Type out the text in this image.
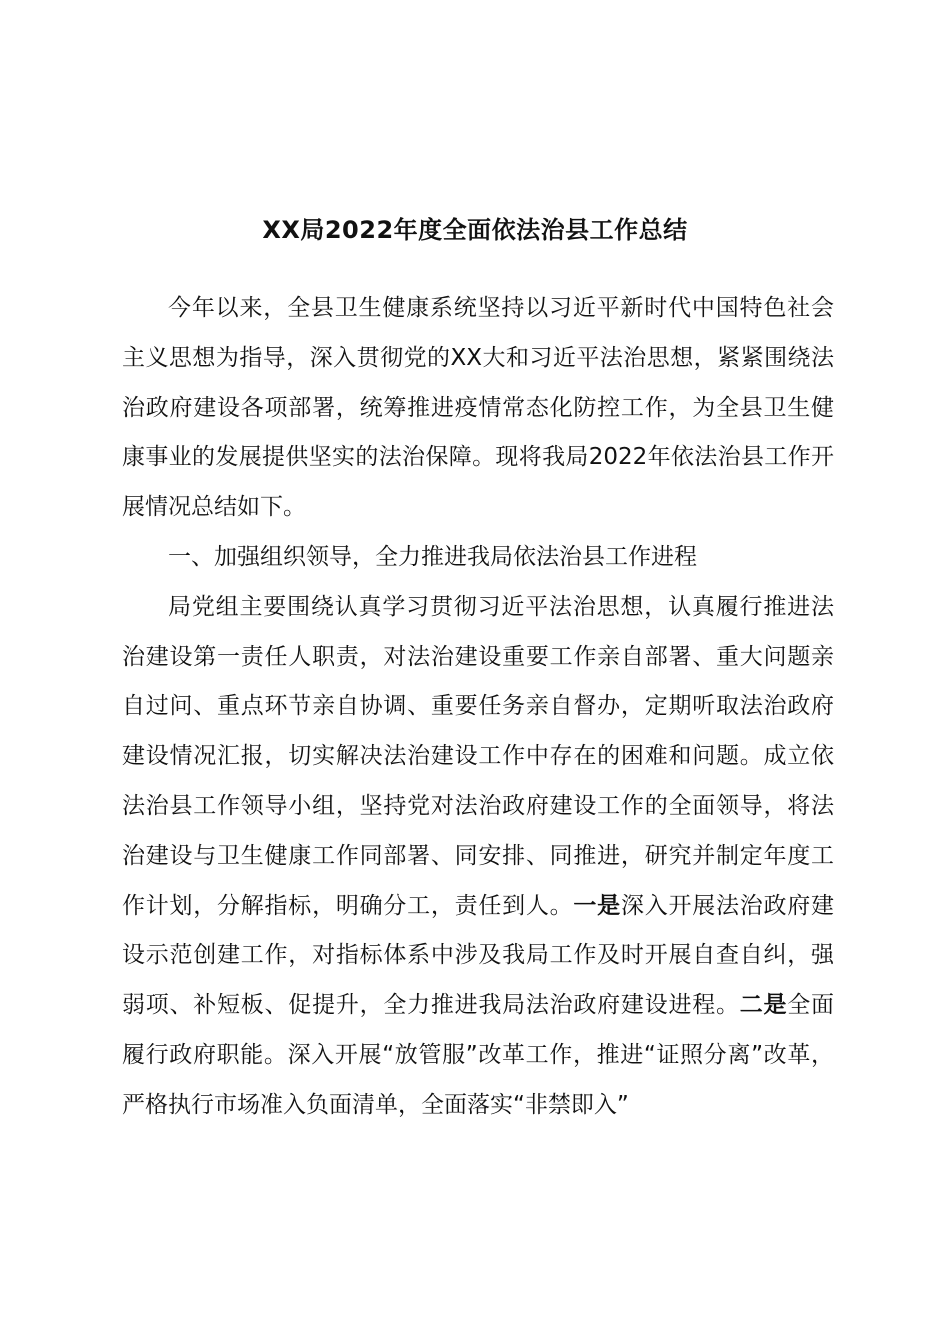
XX局2022年度全面依法治县工作总结

今年以来，全县卫生健康系统坚持以习近平新时代中国特色社会主义思想为指导，深入贯彻党的XX大和习近平法治思想，紧紧围绕法治政府建设各项部署，统筹推进疫情常态化防控工作，为全县卫生健康事业的发展提供坚实的法治保障。现将我局2022年依法治县工作开展情况总结如下。

一、加强组织领导，全力推进我局依法治县工作进程

局党组主要围绕认真学习贯彻习近平法治思想，认真履行推进法治建设第一责任人职责，对法治建设重要工作亲自部署、重大问题亲自过问、重点环节亲自协调、重要任务亲自督办，定期听取法治政府建设情况汇报，切实解决法治建设工作中存在的困难和问题。成立依法治县工作领导小组，坚持党对法治政府建设工作的全面领导，将法治建设与卫生健康工作同部署、同安排、同推进，研究并制定年度工作计划，分解指标，明确分工，责任到人。一是深入开展法治政府建设示范创建工作，对指标体系中涉及我局工作及时开展自查自纠，强弱项、补短板、促提升，全力推进我局法治政府建设进程。二是全面履行政府职能。深入开展“放管服”改革工作，推进“证照分离”改革，严格执行市场准入负面清单，全面落实“非禁即入”
